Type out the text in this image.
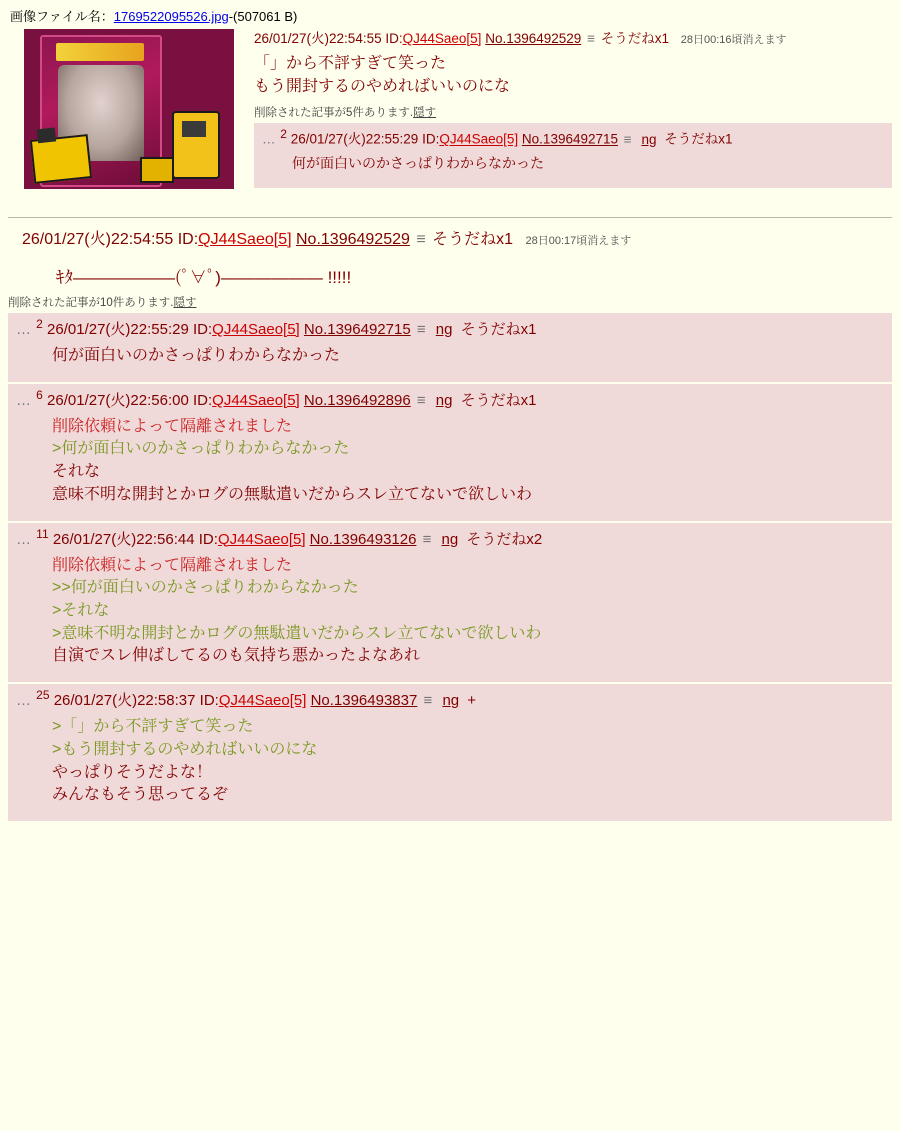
画像ファイル名：1769522095526.jpg-(507061 B)
26/01/27(火)22:54:55 ID:QJ44Saeo[5] No.1396492529 ≡ そうだねx1 28日00:16頃消えます
「」から不評すぎて笑った
もう開封するのやめればいいのにな
削除された記事が5件あります.隠す
… 2 26/01/27(火)22:55:29 ID:QJ44Saeo[5] No.1396492715 ≡ ng そうだねx1
何が面白いのかさっぱりわからなかった
26/01/27(火)22:54:55 ID:QJ44Saeo[5] No.1396492529 ≡ そうだねx1 28日00:17頃消えます
ｷﾀ――――――(ﾟ∀ﾟ)―――――― !!!!!
削除された記事が10件あります.隠す
… $^2$ 26/01/27(火)22:55:29 ID:QJ44Saeo[5] No.1396492715 ≡ ng そうだねx1
何が面白いのかさっぱりわからなかった
… $^6$ 26/01/27(火)22:56:00 ID:QJ44Saeo[5] No.1396492896 ≡ ng そうだねx1
削除依頼によって隔離されました
>何が面白いのかさっぱりわからなかった
それな
意味不明な開封とかログの無駄遣いだからスレ立てないで欲しいわ
… $^{11}$ 26/01/27(火)22:56:44 ID:QJ44Saeo[5] No.1396493126 ≡ ng そうだねx2
削除依頼によって隔離されました
>>何が面白いのかさっぱりわからなかった
>それな
>意味不明な開封とかログの無駄遣いだからスレ立てないで欲しいわ
自演でスレ伸ばしてるのも気持ち悪かったよなあれ
… $^{25}$ 26/01/27(火)22:58:37 ID:QJ44Saeo[5] No.1396493837 ≡ ng +
>「」から不評すぎて笑った
>もう開封するのやめればいいのにな
やっぱりそうだよな！
みんなもそう思ってるぞ
